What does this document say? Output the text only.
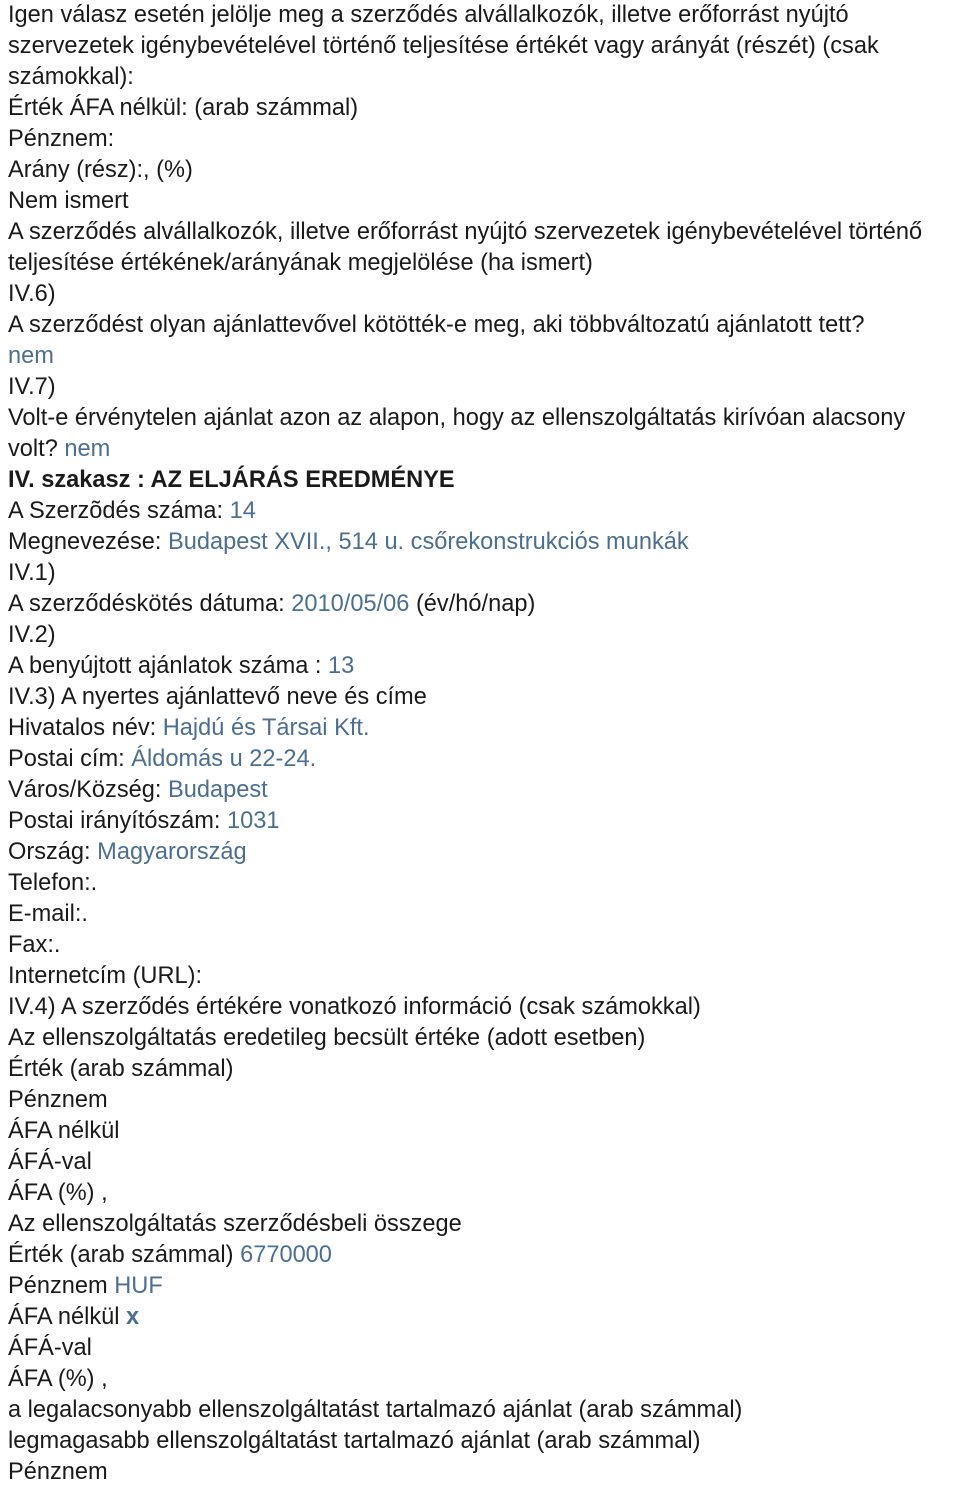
Igen válasz esetén jelölje meg a szerződés alvállalkozók, illetve erőforrást nyújtó szervezetek igénybevételével történő teljesítése értékét vagy arányát (részét) (csak számokkal):

Érték ÁFA nélkül: (arab számmal)

Pénznem:

Arány (rész):, (%)

Nem ismert

A szerződés alvállalkozók, illetve erőforrást nyújtó szervezetek igénybevételével történő teljesítése értékének/arányának megjelölése (ha ismert)

IV.6)

A szerződést olyan ajánlattevővel kötötték-e meg, aki többváltozatú ajánlatott tett?

nem

IV.7)

Volt-e érvénytelen ajánlat azon az alapon, hogy az ellenszolgáltatás kirívóan alacsony volt? nem

IV. szakasz : AZ ELJÁRÁS EREDMÉNYE

A Szerzõdés száma: 14

Megnevezése: Budapest XVII., 514 u. csőrekonstrukciós munkák

IV.1)

A szerződéskötés dátuma: 2010/05/06 (év/hó/nap)

IV.2)

A benyújtott ajánlatok száma : 13

IV.3) A nyertes ajánlattevő neve és címe

Hivatalos név: Hajdú és Társai Kft.

Postai cím: Áldomás u 22-24.

Város/Község: Budapest

Postai irányítószám: 1031

Ország: Magyarország

Telefon:.

E-mail:.

Fax:.

Internetcím (URL):

IV.4) A szerződés értékére vonatkozó információ (csak számokkal)

Az ellenszolgáltatás eredetileg becsült értéke (adott esetben)

Érték (arab számmal)

Pénznem

ÁFA nélkül

ÁFÁ-val

ÁFA (%) ,

Az ellenszolgáltatás szerződésbeli összege

Érték (arab számmal) 6770000

Pénznem HUF

ÁFA nélkül x

ÁFÁ-val

ÁFA (%) ,

a legalacsonyabb ellenszolgáltatást tartalmazó ajánlat (arab számmal)

legmagasabb ellenszolgáltatást tartalmazó ajánlat (arab számmal)

Pénznem
